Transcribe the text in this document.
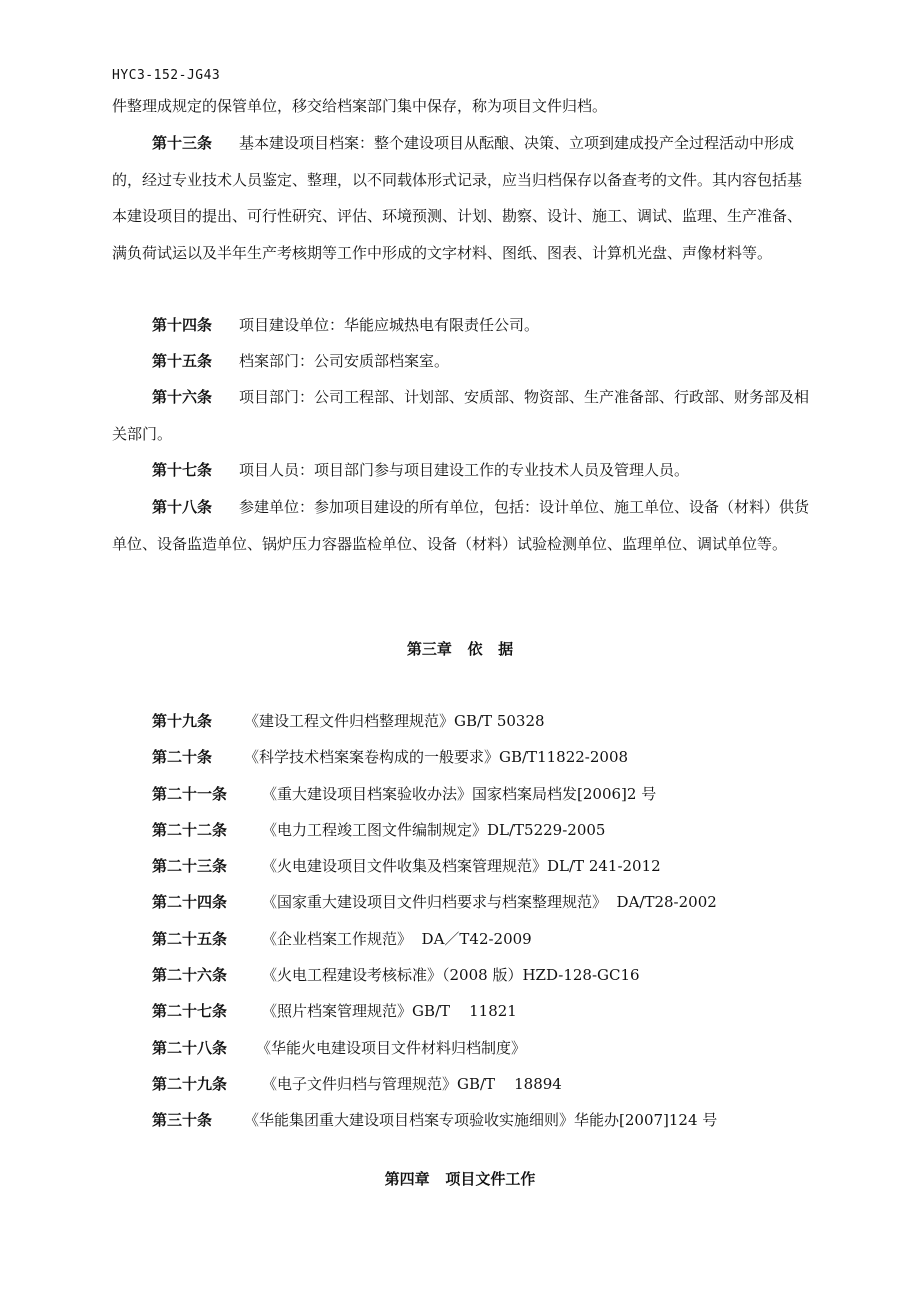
HYC3-152-JG43

件整理成规定的保管单位，移交给档案部门集中保存，称为项目文件归档。

第十三条 基本建设项目档案：整个建设项目从酝酿、决策、立项到建成投产全过程活动中形成的，经过专业技术人员鉴定、整理，以不同载体形式记录，应当归档保存以备查考的文件。其内容包括基本建设项目的提出、可行性研究、评估、环境预测、计划、勘察、设计、施工、调试、监理、生产准备、满负荷试运以及半年生产考核期等工作中形成的文字材料、图纸、图表、计算机光盘、声像材料等。

第十四条 项目建设单位：华能应城热电有限责任公司。

第十五条 档案部门：公司安质部档案室。

第十六条 项目部门：公司工程部、计划部、安质部、物资部、生产准备部、行政部、财务部及相关部门。

第十七条 项目人员：项目部门参与项目建设工作的专业技术人员及管理人员。

第十八条 参建单位：参加项目建设的所有单位，包括：设计单位、施工单位、设备（材料）供货单位、设备监造单位、锅炉压力容器监检单位、设备（材料）试验检测单位、监理单位、调试单位等。

第三章   依   据
第十九条 《建设工程文件归档整理规范》GB/T 50328
第二十条 《科学技术档案案卷构成的一般要求》GB/T11822-2008
第二十一条 《重大建设项目档案验收办法》国家档案局档发[2006]2 号
第二十二条 《电力工程竣工图文件编制规定》DL/T5229-2005
第二十三条 《火电建设项目文件收集及档案管理规范》DL/T 241-2012
第二十四条 《国家重大建设项目文件归档要求与档案整理规范》  DA/T28-2002
第二十五条 《企业档案工作规范》  DA／T42-2009
第二十六条 《火电工程建设考核标准》（2008 版）HZD-128-GC16
第二十七条 《照片档案管理规范》GB/T    11821
第二十八条 《华能火电建设项目文件材料归档制度》
第二十九条 《电子文件归档与管理规范》GB/T    18894
第三十条 《华能集团重大建设项目档案专项验收实施细则》华能办[2007]124 号
第四章   项目文件工作
